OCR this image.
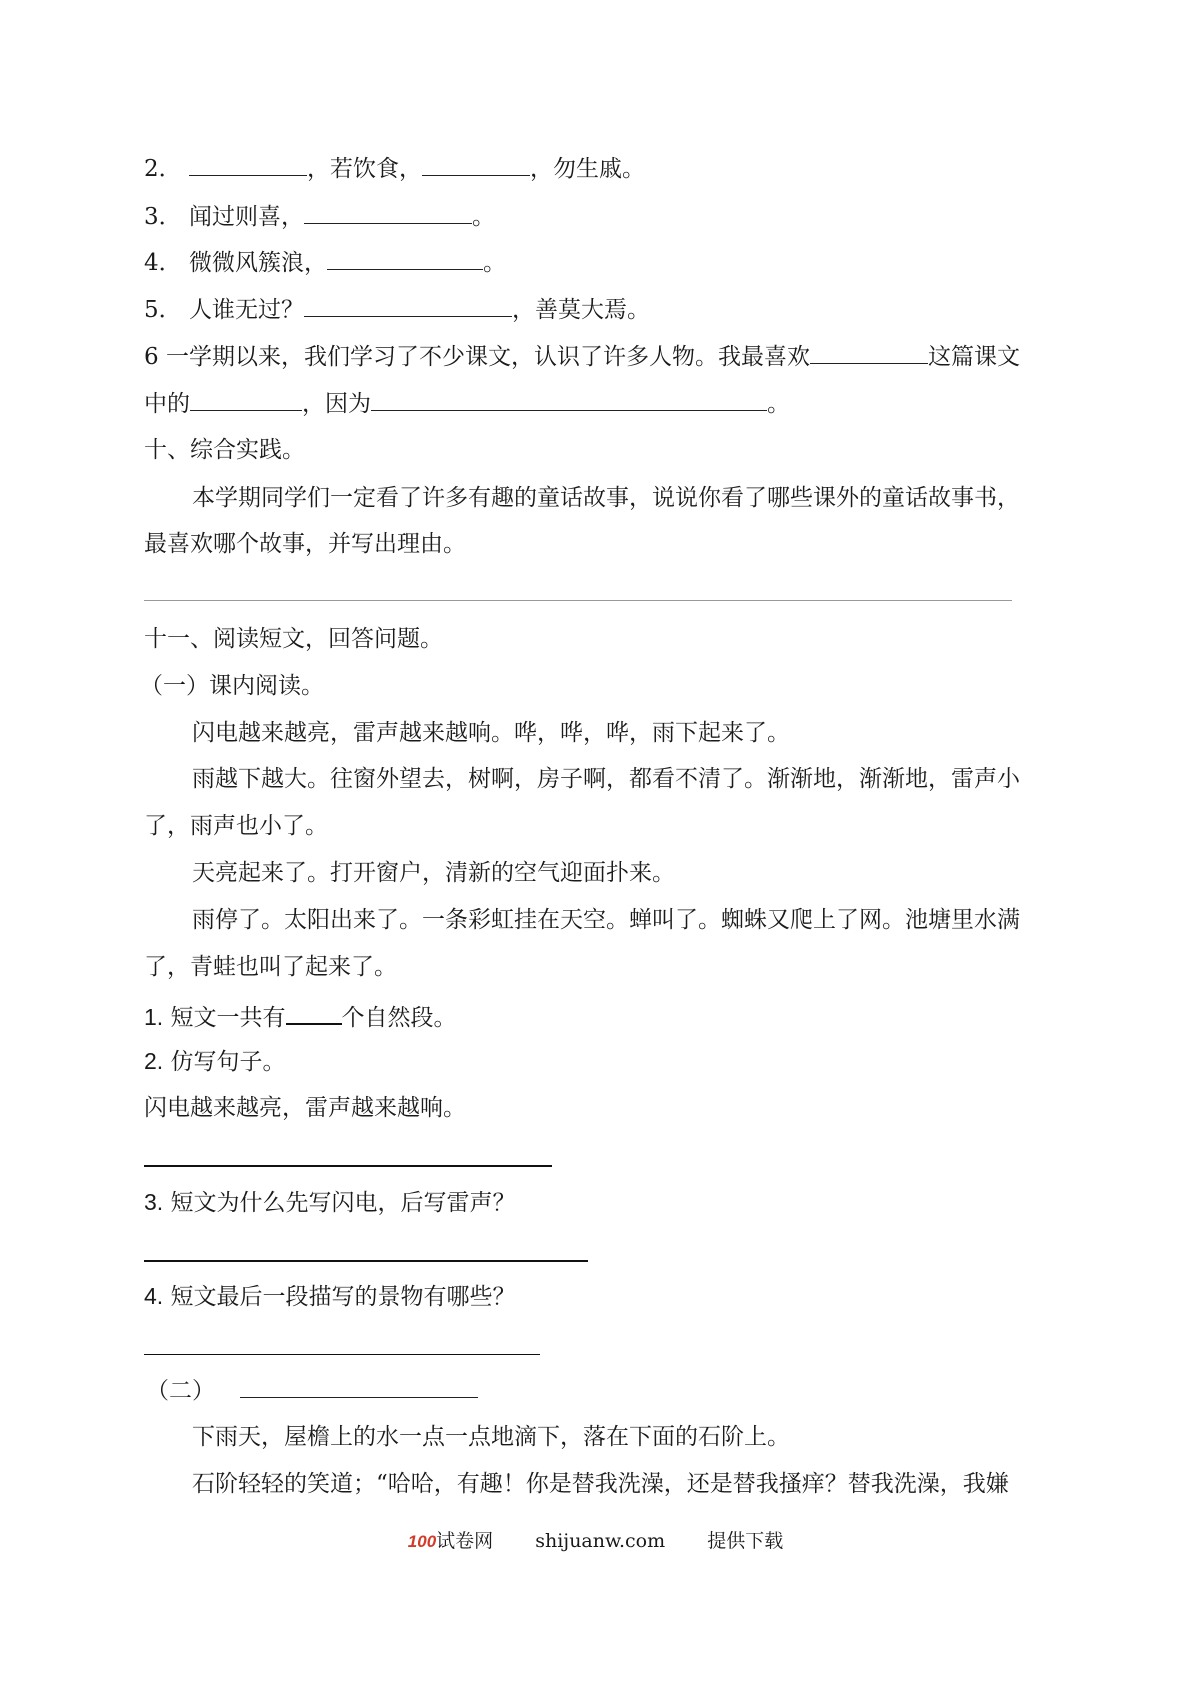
2．	，若饮食，	，勿生戚。
3． 闻过则喜，	。
4． 微微风簇浪，	。
5． 人谁无过？	，善莫大焉。
6 一学期以来，我们学习了不少课文，认识了许多人物。我最喜欢	这篇课文
中的	，因为	。
十、综合实践。
本学期同学们一定看了许多有趣的童话故事，说说你看了哪些课外的童话故事书，
最喜欢哪个故事，并写出理由。
十一、阅读短文，回答问题。
（一）课内阅读。
闪电越来越亮，雷声越来越响。哗，哗，哗，雨下起来了。
雨越下越大。往窗外望去，树啊，房子啊，都看不清了。渐渐地，渐渐地，雷声小
了，雨声也小了。
天亮起来了。打开窗户，清新的空气迎面扑来。
雨停了。太阳出来了。一条彩虹挂在天空。蝉叫了。蜘蛛又爬上了网。池塘里水满
了，青蛙也叫了起来了。
1. 短文一共有 个自然段。
2. 仿写句子。
闪电越来越亮，雷声越来越响。
3. 短文为什么先写闪电，后写雷声？
4. 短文最后一段描写的景物有哪些？
（二）
下雨天，屋檐上的水一点一点地滴下，落在下面的石阶上。
石阶轻轻的笑道；“哈哈，有趣！你是替我洗澡，还是替我搔痒？替我洗澡，我嫌
100试卷网 shijuanw.com 提供下载
